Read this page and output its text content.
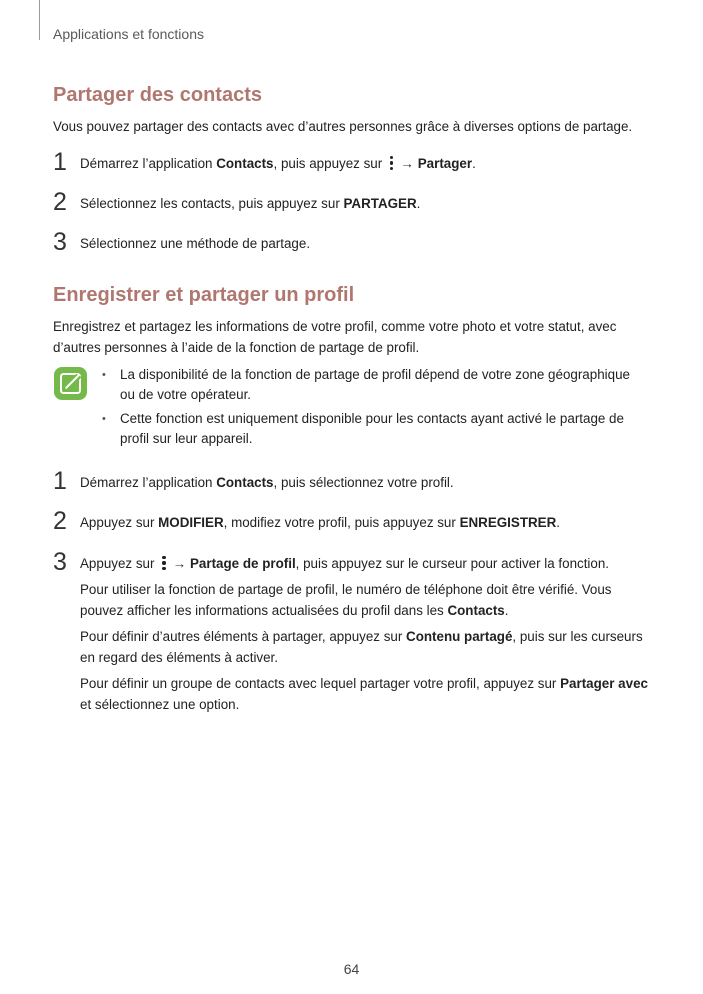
Applications et fonctions
Partager des contacts
Vous pouvez partager des contacts avec d’autres personnes grâce à diverses options de partage.
1 Démarrez l’application Contacts, puis appuyez sur
→ Partager.
2 Sélectionnez les contacts, puis appuyez sur PARTAGER.
3 Sélectionnez une méthode de partage.
Enregistrer et partager un profil
Enregistrez et partagez les informations de votre profil, comme votre photo et votre statut, avec
d’autres personnes à l’aide de la fonction de partage de profil.
• La disponibilité de la fonction de partage de profil dépend de votre zone géographique
ou de votre opérateur.
• Cette fonction est uniquement disponible pour les contacts ayant activé le partage de
profil sur leur appareil.
1 Démarrez l’application Contacts, puis sélectionnez votre profil.
2 Appuyez sur MODIFIER, modifiez votre profil, puis appuyez sur ENREGISTRER.
3 Appuyez sur
→ Partage de profil, puis appuyez sur le curseur pour activer la fonction.
Pour utiliser la fonction de partage de profil, le numéro de téléphone doit être vérifié. Vous
pouvez afficher les informations actualisées du profil dans les Contacts.
Pour définir d’autres éléments à partager, appuyez sur Contenu partagé, puis sur les curseurs
en regard des éléments à activer.
Pour définir un groupe de contacts avec lequel partager votre profil, appuyez sur Partager avec
et sélectionnez une option.
64
